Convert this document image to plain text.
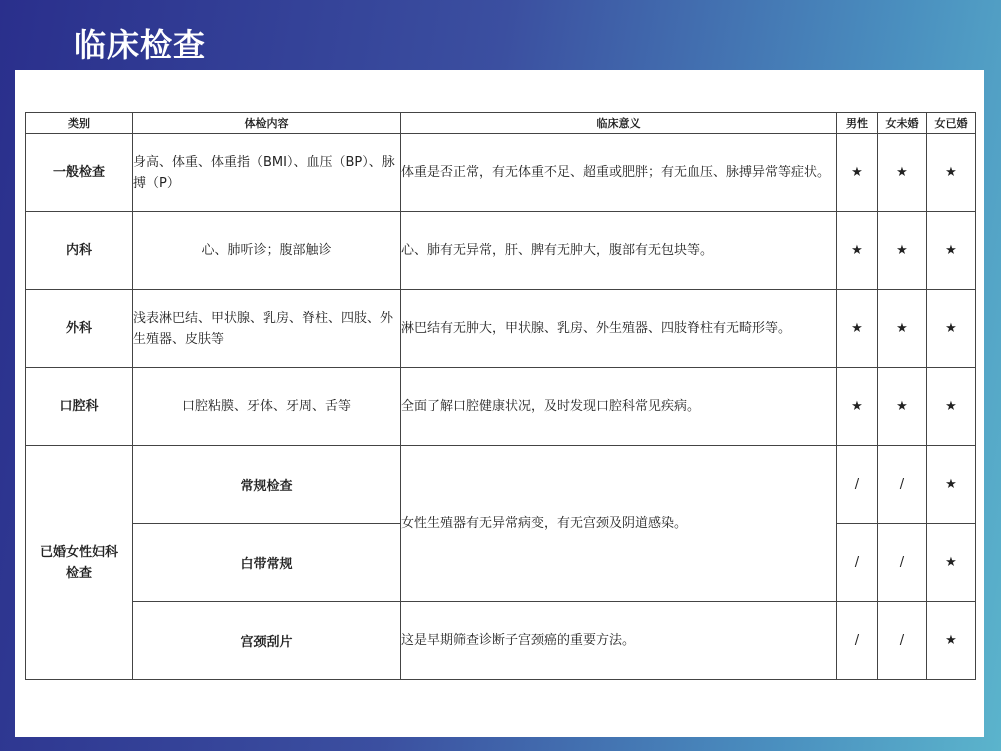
临床检查
类别	体检内容	临床意义	男性	女未婚	女已婚
一般检查	身高、体重、体重指（BMI）、血压（BP）、脉搏（P）	体重是否正常，有无体重不足、超重或肥胖；有无血压、脉搏异常等症状。	★	★	★
内科	心、肺听诊；腹部触诊	心、肺有无异常，肝、脾有无肿大，腹部有无包块等。	★	★	★
外科	浅表淋巴结、甲状腺、乳房、脊柱、四肢、外生殖器、皮肤等	淋巴结有无肿大，甲状腺、乳房、外生殖器、四肢脊柱有无畸形等。	★	★	★
口腔科	口腔粘膜、牙体、牙周、舌等	全面了解口腔健康状况，及时发现口腔科常见疾病。	★	★	★
已婚女性妇科检查	常规检查	女性生殖器有无异常病变，有无宫颈及阴道感染。	/	/	★
	白带常规		/	/	★
	宫颈刮片	这是早期筛查诊断子宫颈癌的重要方法。	/	/	★
